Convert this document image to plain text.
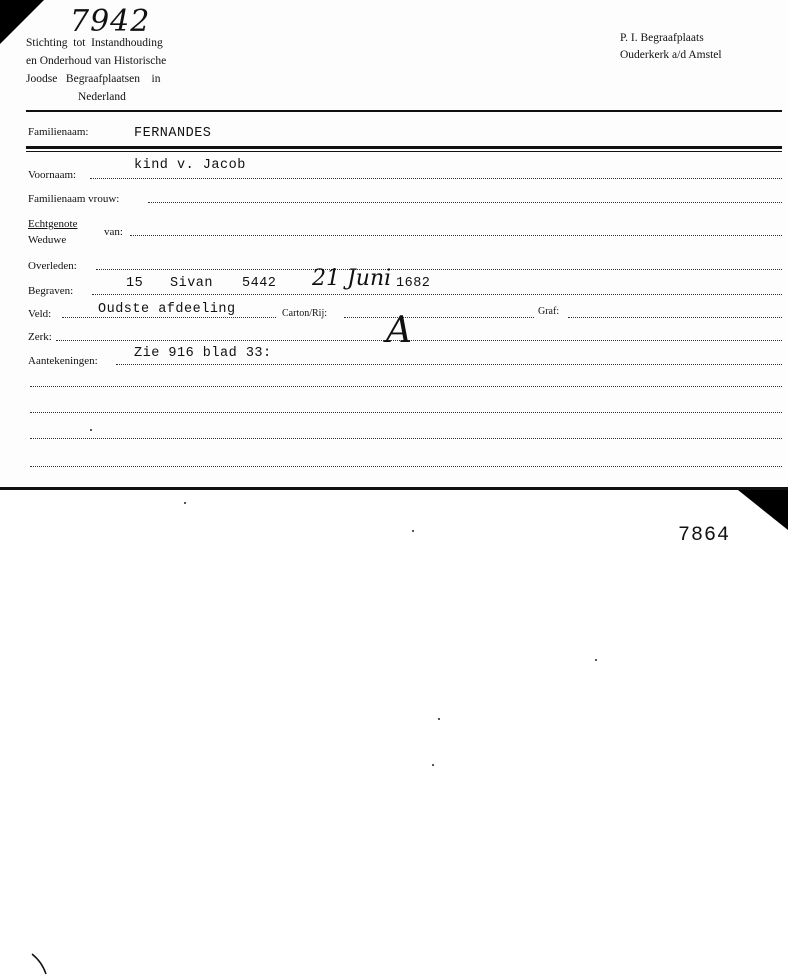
7942
Stichting  tot  Instandhouding
en Onderhoud van Historische
Joodse   Begraafplaatsen    in
Nederland
P. I. Begraafplaats
Ouderkerk a/d Amstel
Familienaam:	FERNANDES
Voornaam:
kind v. Jacob
Familienaam vrouw:
Echtgenote
Weduwe
van:
Overleden:
Begraven:	15 Sivan 5442 21 Juni 1682
Veld:	Oudste afdeeling	Carton/Rij:	Graf:
Zerk:	A
Aantekeningen:	Zie 916 blad 33:
7864
